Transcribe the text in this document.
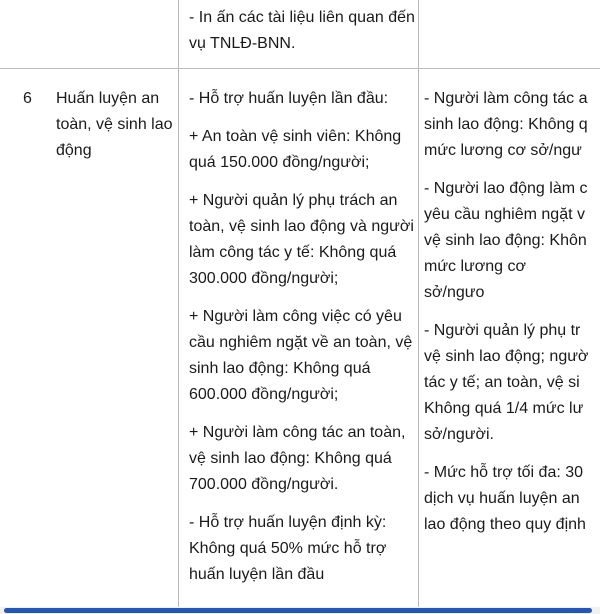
- In ấn các tài liệu liên quan đến vụ TNLĐ-BNN.

6 Huấn luyện an toàn, vệ sinh lao động

- Hỗ trợ huấn luyện lần đầu:

+ An toàn vệ sinh viên: Không quá 150.000 đồng/người;

+ Người quản lý phụ trách an toàn, vệ sinh lao động và người làm công tác y tế: Không quá 300.000 đồng/người;

+ Người làm công việc có yêu cầu nghiêm ngặt về an toàn, vệ sinh lao động: Không quá 600.000 đồng/người;

+ Người làm công tác an toàn, vệ sinh lao động: Không quá 700.000 đồng/người.

- Hỗ trợ huấn luyện định kỳ: Không quá 50% mức hỗ trợ huấn luyện lần đầu

- Người làm công tác a sinh lao động: Không q mức lương cơ sở/ngư

- Người lao động làm c yêu cầu nghiêm ngặt v vệ sinh lao động: Khôn mức lương cơ sở/ngưo

- Người quản lý phụ tr vệ sinh lao động; ngườ tác y tế; an toàn, vệ si Không quá 1/4 mức lư sở/người.

- Mức hỗ trợ tối đa: 30 dịch vụ huấn luyện an lao động theo quy định
